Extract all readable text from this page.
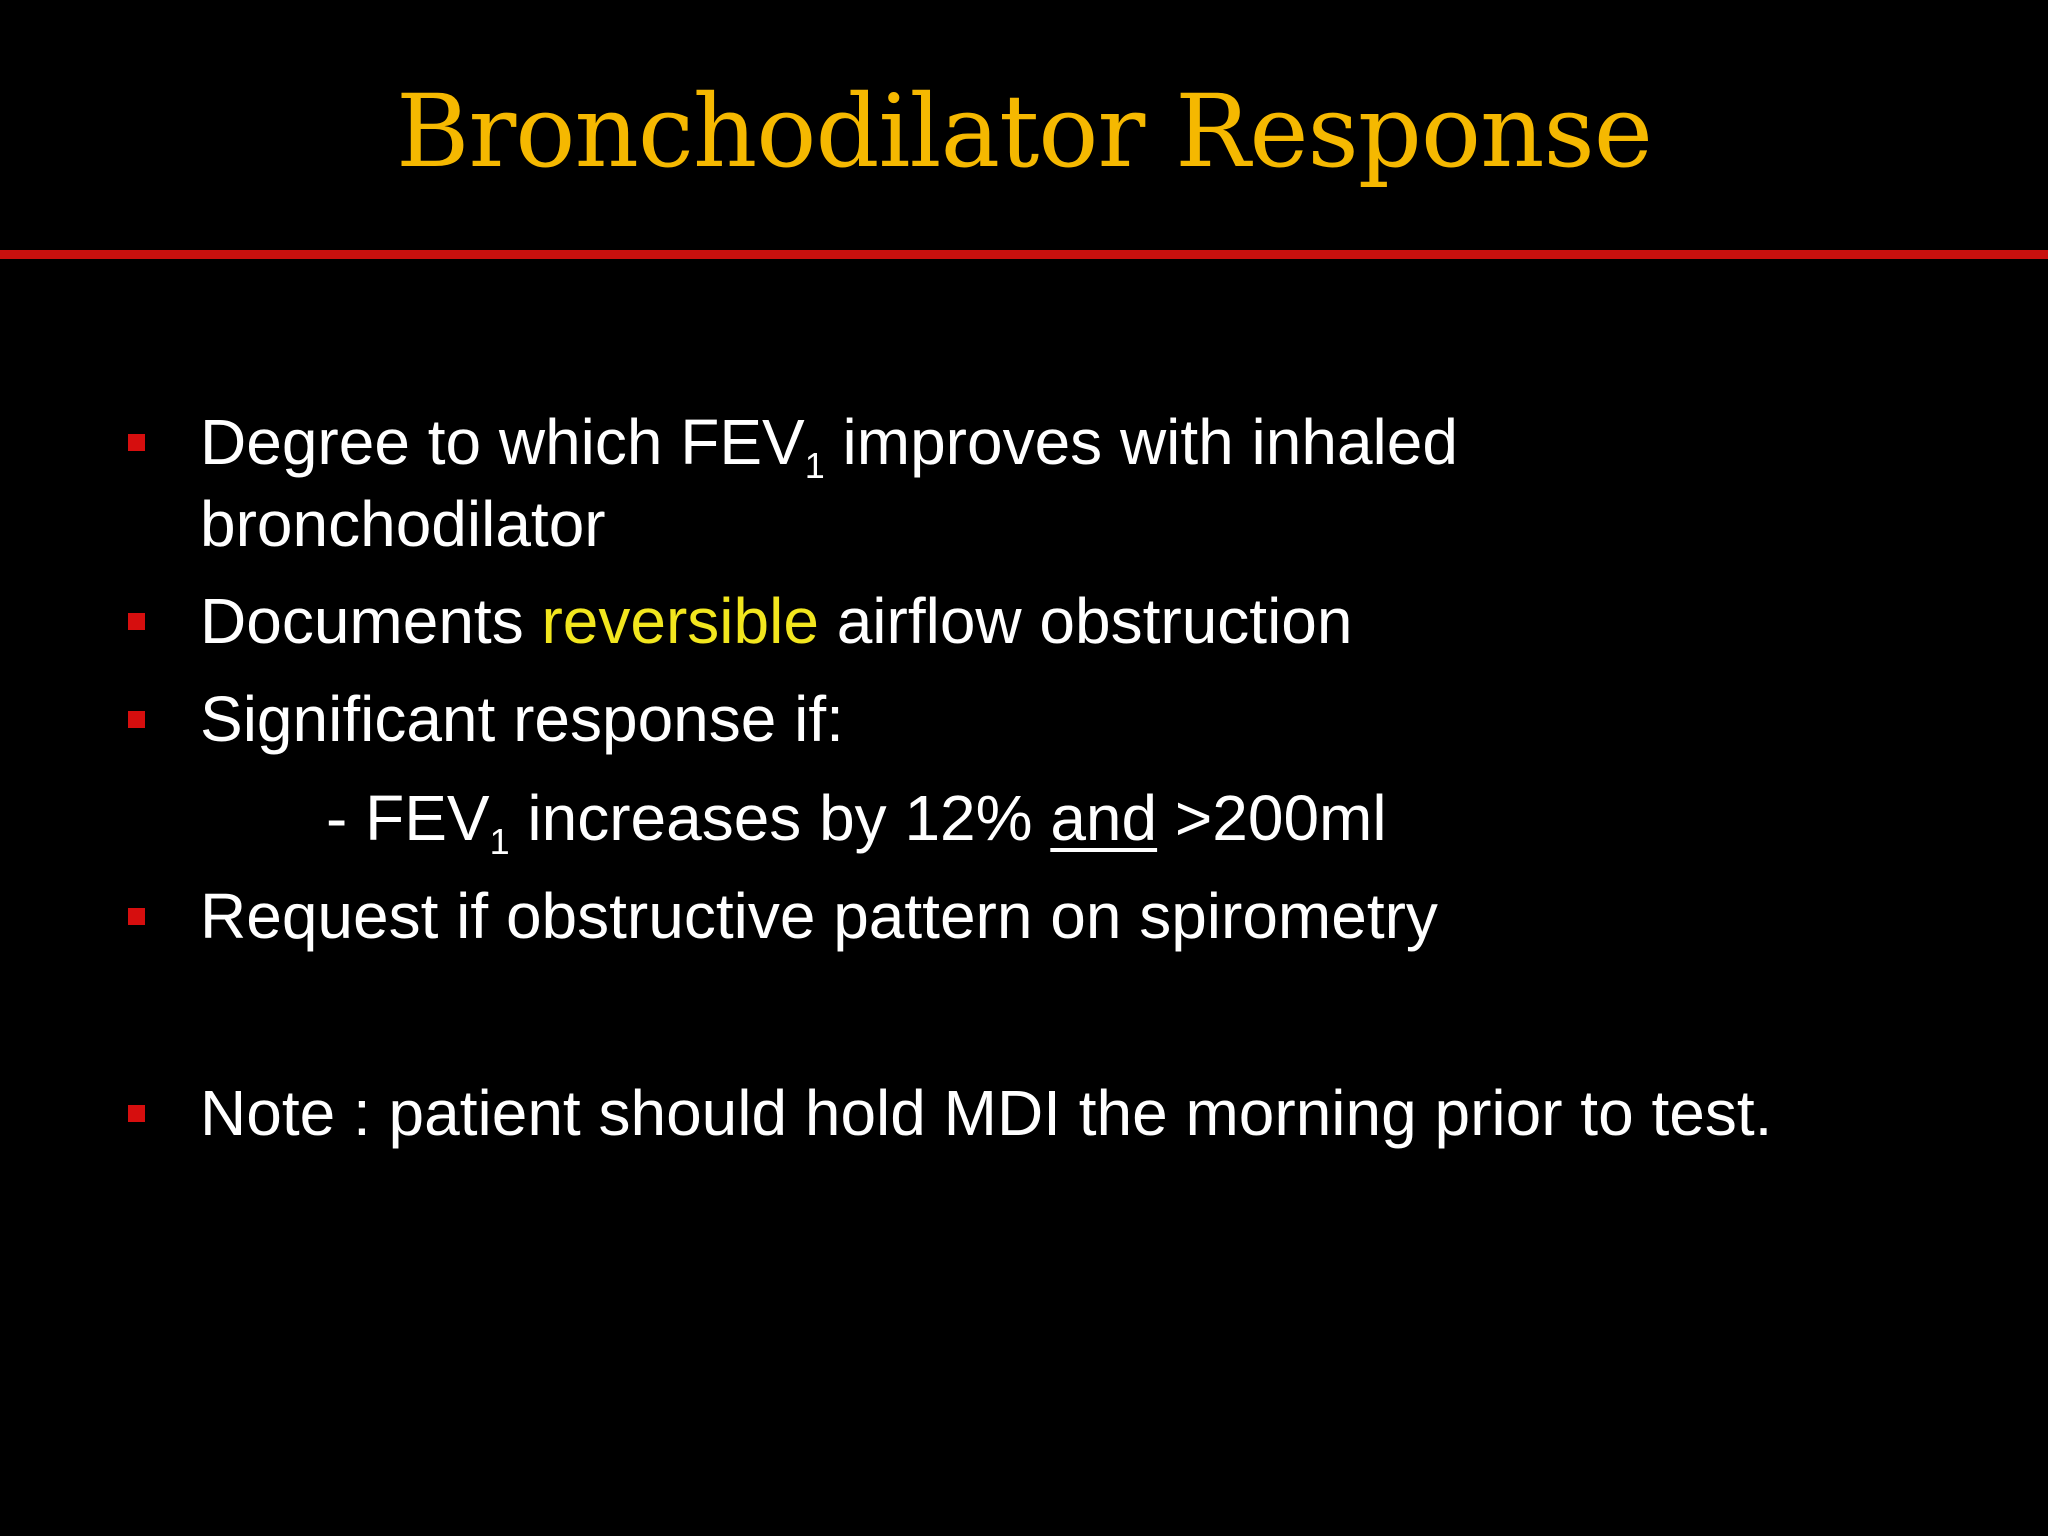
Bronchodilator Response
Degree to which $FEV_1$ improves with inhaled
bronchodilator
Documents reversible airflow obstruction
Significant response if:
- $FEV_1$ increases by 12% and >200ml
Request if obstructive pattern on spirometry
Note : patient should hold MDI the morning prior to test.
